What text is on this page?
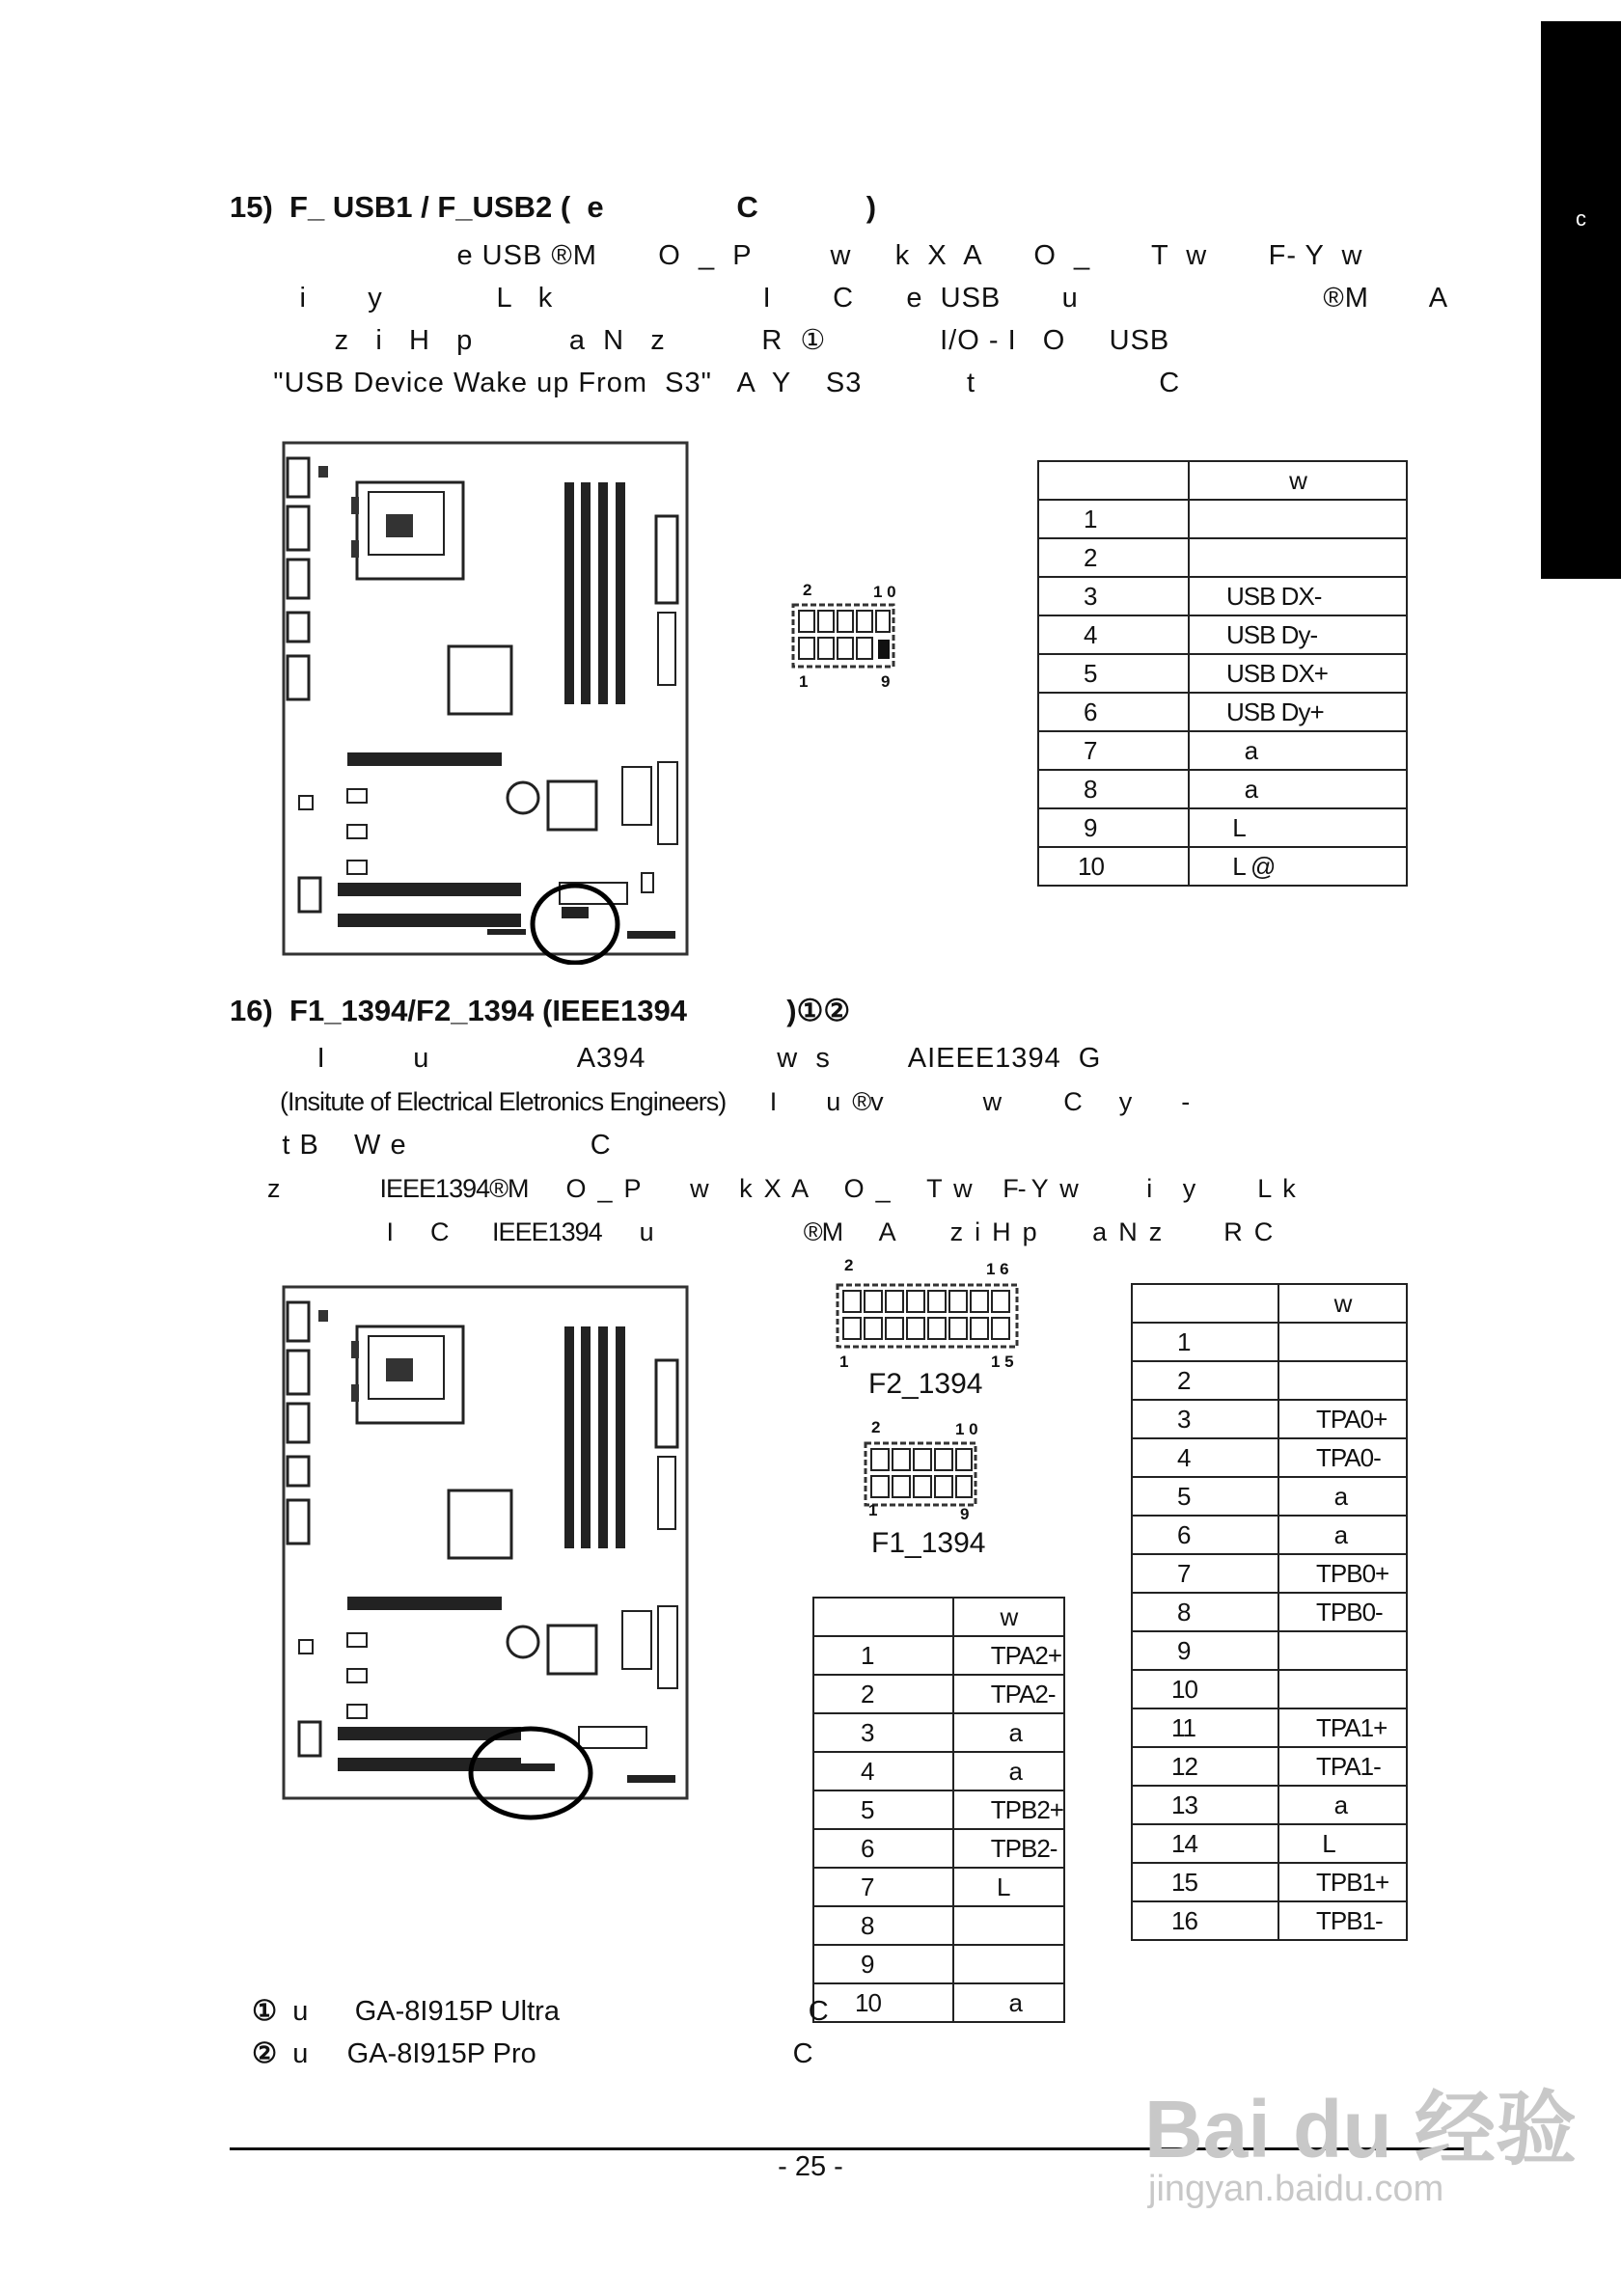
c
15)  F_ USB1 / F_USB2 (  e                C             )
e USB ®M       O  _  P         w     k  X  A      O  _       T  w       F- Y  w
i       y             L   k                        I       C      e  USB       u                            ®M       A
z   i   H   p           a  N   z           R  ①             I/O - I   O     USB
"USB Device Wake up From  S3"   A  Y    S3            t                     C
2	1 0
1	9
	w
1	
2	
3	USB DX-
4	USB Dy-
5	USB DX+
6	USB Dy+
7	a
8	a
9	L
10	L @
16)  F1_1394/F2_1394 (IEEE1394            )①②
I          u                 A394               w  s         AIEEE1394  G
(Insitute of Electrical Eletronics Engineers)       I        u  ®v                w          C      y        -
t B    W e                     C
z                IEEE1394®M      O  _  P        w     k  X  A      O  _      T  w     F- Y  w           i     y          L  k
I      C       IEEE1394      u                        ®M      A         z  i  H  p         a  N  z          R  C
2	1 6
1	1 5
F2_1394
2	1 0
1	9
F1_1394
	w
1	TPA2+
2	TPA2-
3	a
4	a
5	TPB2+
6	TPB2-
7	L
8	
9	
10	a
	w
1	
2	
3	TPA0+
4	TPA0-
5	a
6	a
7	TPB0+
8	TPB0-
9	
10	
11	TPA1+
12	TPA1-
13	a
14	L
15	TPB1+
16	TPB1-

①  u      GA-8I915P Ultra                                C

②  u     GA-8I915P Pro                                 C

- 25 -	Bai du 经验
jingyan.baidu.com
